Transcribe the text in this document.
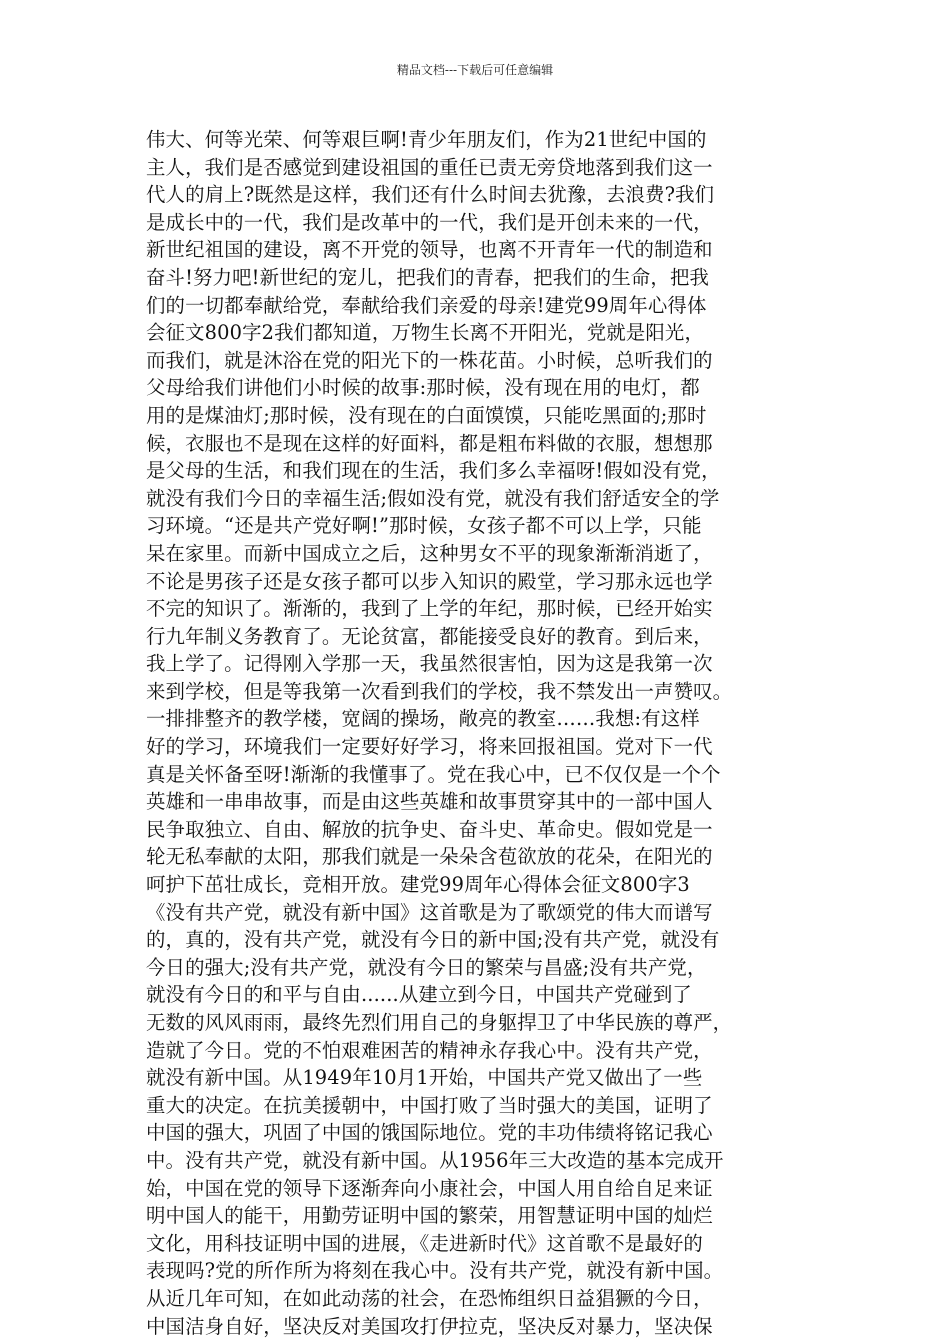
精品文档---下载后可任意编辑
伟大、何等光荣、何等艰巨啊!青少年朋友们，作为21世纪中国的
主人，我们是否感觉到建设祖国的重任已责无旁贷地落到我们这一
代人的肩上?既然是这样，我们还有什么时间去犹豫，去浪费?我们
是成长中的一代，我们是改革中的一代，我们是开创未来的一代，
新世纪祖国的建设，离不开党的领导，也离不开青年一代的制造和
奋斗!努力吧!新世纪的宠儿，把我们的青春，把我们的生命，把我
们的一切都奉献给党，奉献给我们亲爱的母亲!建党99周年心得体
会征文800字2我们都知道，万物生长离不开阳光，党就是阳光，
而我们，就是沐浴在党的阳光下的一株花苗。小时候，总听我们的
父母给我们讲他们小时候的故事:那时候，没有现在用的电灯，都
用的是煤油灯;那时候，没有现在的白面馍馍，只能吃黑面的;那时
候，衣服也不是现在这样的好面料，都是粗布料做的衣服，想想那
是父母的生活，和我们现在的生活，我们多么幸福呀!假如没有党，
就没有我们今日的幸福生活;假如没有党，就没有我们舒适安全的学
习环境。“还是共产党好啊!”那时候，女孩子都不可以上学，只能
呆在家里。而新中国成立之后，这种男女不平的现象渐渐消逝了，
不论是男孩子还是女孩子都可以步入知识的殿堂，学习那永远也学
不完的知识了。渐渐的，我到了上学的年纪，那时候，已经开始实
行九年制义务教育了。无论贫富，都能接受良好的教育。到后来，
我上学了。记得刚入学那一天，我虽然很害怕，因为这是我第一次
来到学校，但是等我第一次看到我们的学校，我不禁发出一声赞叹。
一排排整齐的教学楼，宽阔的操场，敞亮的教室……我想:有这样
好的学习，环境我们一定要好好学习，将来回报祖国。党对下一代
真是关怀备至呀!渐渐的我懂事了。党在我心中，已不仅仅是一个个
英雄和一串串故事，而是由这些英雄和故事贯穿其中的一部中国人
民争取独立、自由、解放的抗争史、奋斗史、革命史。假如党是一
轮无私奉献的太阳，那我们就是一朵朵含苞欲放的花朵，在阳光的
呵护下茁壮成长，竞相开放。建党99周年心得体会征文800字3
《没有共产党，就没有新中国》这首歌是为了歌颂党的伟大而谱写
的，真的，没有共产党，就没有今日的新中国;没有共产党，就没有
今日的强大;没有共产党，就没有今日的繁荣与昌盛;没有共产党，
就没有今日的和平与自由......从建立到今日，中国共产党碰到了
无数的风风雨雨，最终先烈们用自己的身躯捍卫了中华民族的尊严，
造就了今日。党的不怕艰难困苦的精神永存我心中。没有共产党，
就没有新中国。从1949年10月1开始，中国共产党又做出了一些
重大的决定。在抗美援朝中，中国打败了当时强大的美国，证明了
中国的强大，巩固了中国的饿国际地位。党的丰功伟绩将铭记我心
中。没有共产党，就没有新中国。从1956年三大改造的基本完成开
始，中国在党的领导下逐渐奔向小康社会，中国人用自给自足来证
明中国人的能干，用勤劳证明中国的繁荣，用智慧证明中国的灿烂
文化，用科技证明中国的进展，《走进新时代》这首歌不是最好的
表现吗?党的所作所为将刻在我心中。没有共产党，就没有新中国。
从近几年可知，在如此动荡的社会，在恐怖组织日益猖獗的今日，
中国洁身自好，坚决反对美国攻打伊拉克，坚决反对暴力，坚决保
